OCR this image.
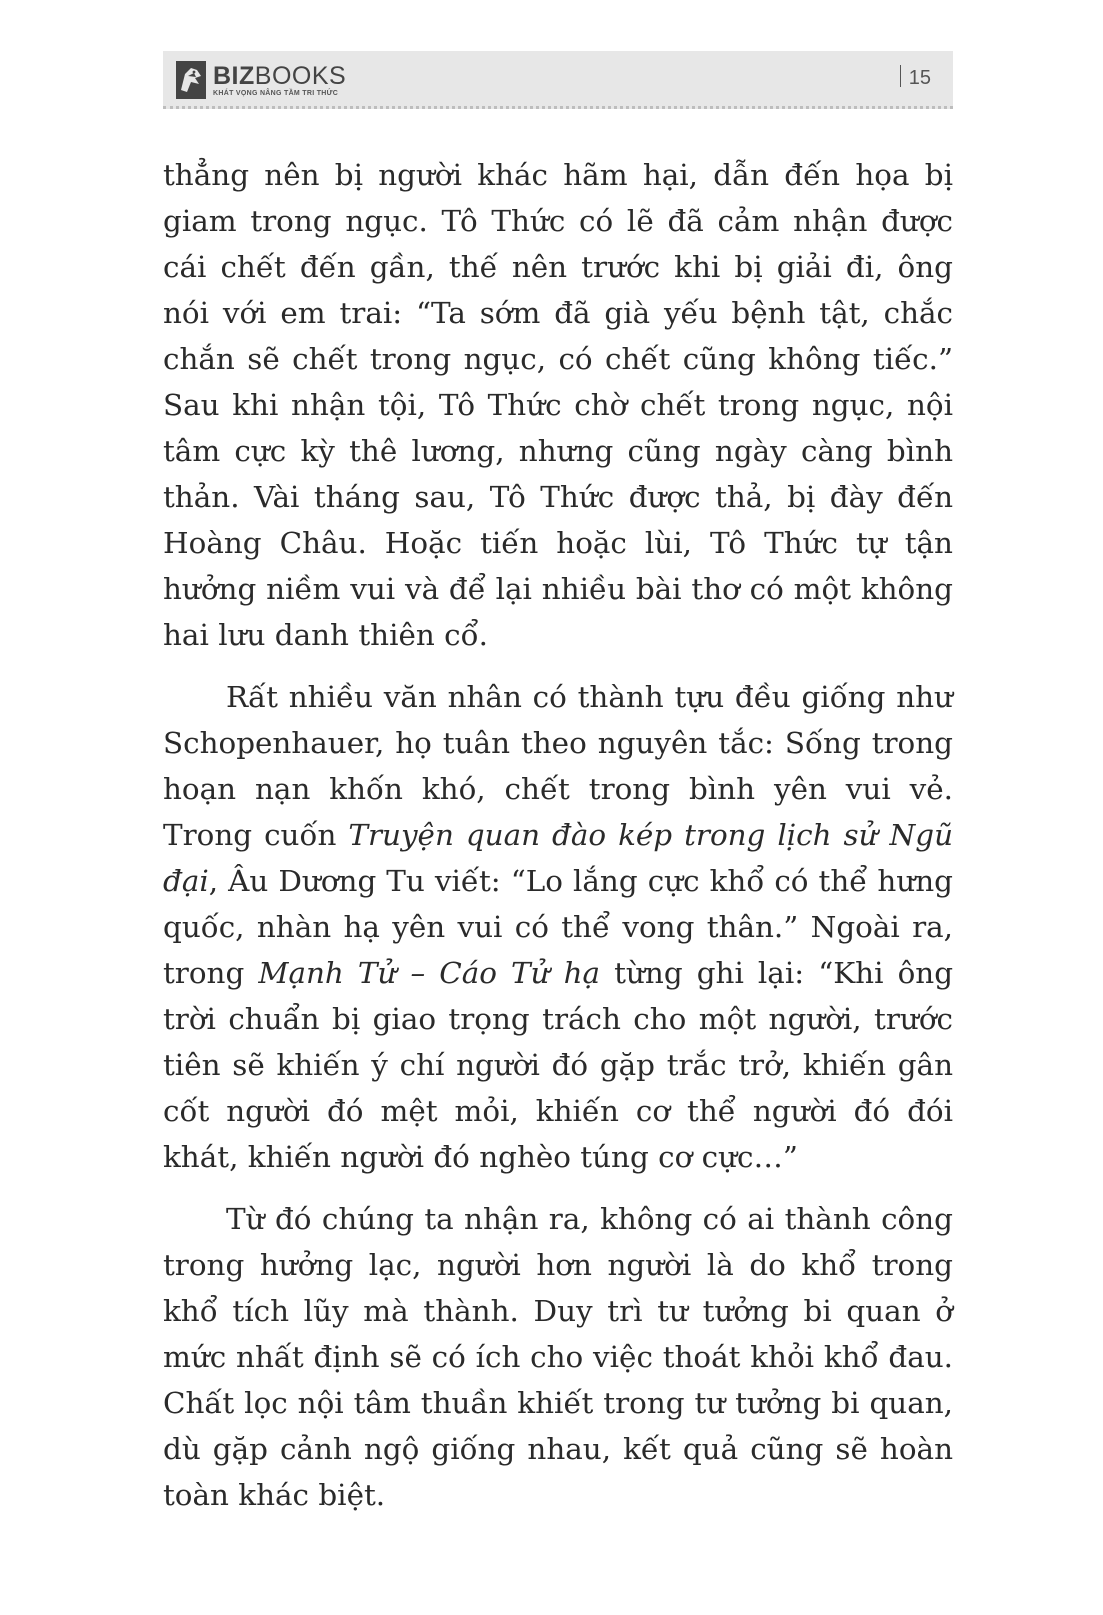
BIZBOOKS
KHÁT VỌNG NÂNG TẦM TRI THỨC
15

thẳng nên bị người khác hãm hại, dẫn đến họa bị giam trong ngục. Tô Thức có lẽ đã cảm nhận được cái chết đến gần, thế nên trước khi bị giải đi, ông nói với em trai: “Ta sớm đã già yếu bệnh tật, chắc chắn sẽ chết trong ngục, có chết cũng không tiếc.” Sau khi nhận tội, Tô Thức chờ chết trong ngục, nội tâm cực kỳ thê lương, nhưng cũng ngày càng bình thản. Vài tháng sau, Tô Thức được thả, bị đày đến Hoàng Châu. Hoặc tiến hoặc lùi, Tô Thức tự tận hưởng niềm vui và để lại nhiều bài thơ có một không hai lưu danh thiên cổ.

Rất nhiều văn nhân có thành tựu đều giống như Schopenhauer, họ tuân theo nguyên tắc: Sống trong hoạn nạn khốn khó, chết trong bình yên vui vẻ. Trong cuốn Truyện quan đào kép trong lịch sử Ngũ đại, Âu Dương Tu viết: “Lo lắng cực khổ có thể hưng quốc, nhàn hạ yên vui có thể vong thân.” Ngoài ra, trong Mạnh Tử – Cáo Tử hạ từng ghi lại: “Khi ông trời chuẩn bị giao trọng trách cho một người, trước tiên sẽ khiến ý chí người đó gặp trắc trở, khiến gân cốt người đó mệt mỏi, khiến cơ thể người đó đói khát, khiến người đó nghèo túng cơ cực…”

Từ đó chúng ta nhận ra, không có ai thành công trong hưởng lạc, người hơn người là do khổ trong khổ tích lũy mà thành. Duy trì tư tưởng bi quan ở mức nhất định sẽ có ích cho việc thoát khỏi khổ đau. Chất lọc nội tâm thuần khiết trong tư tưởng bi quan, dù gặp cảnh ngộ giống nhau, kết quả cũng sẽ hoàn toàn khác biệt.
